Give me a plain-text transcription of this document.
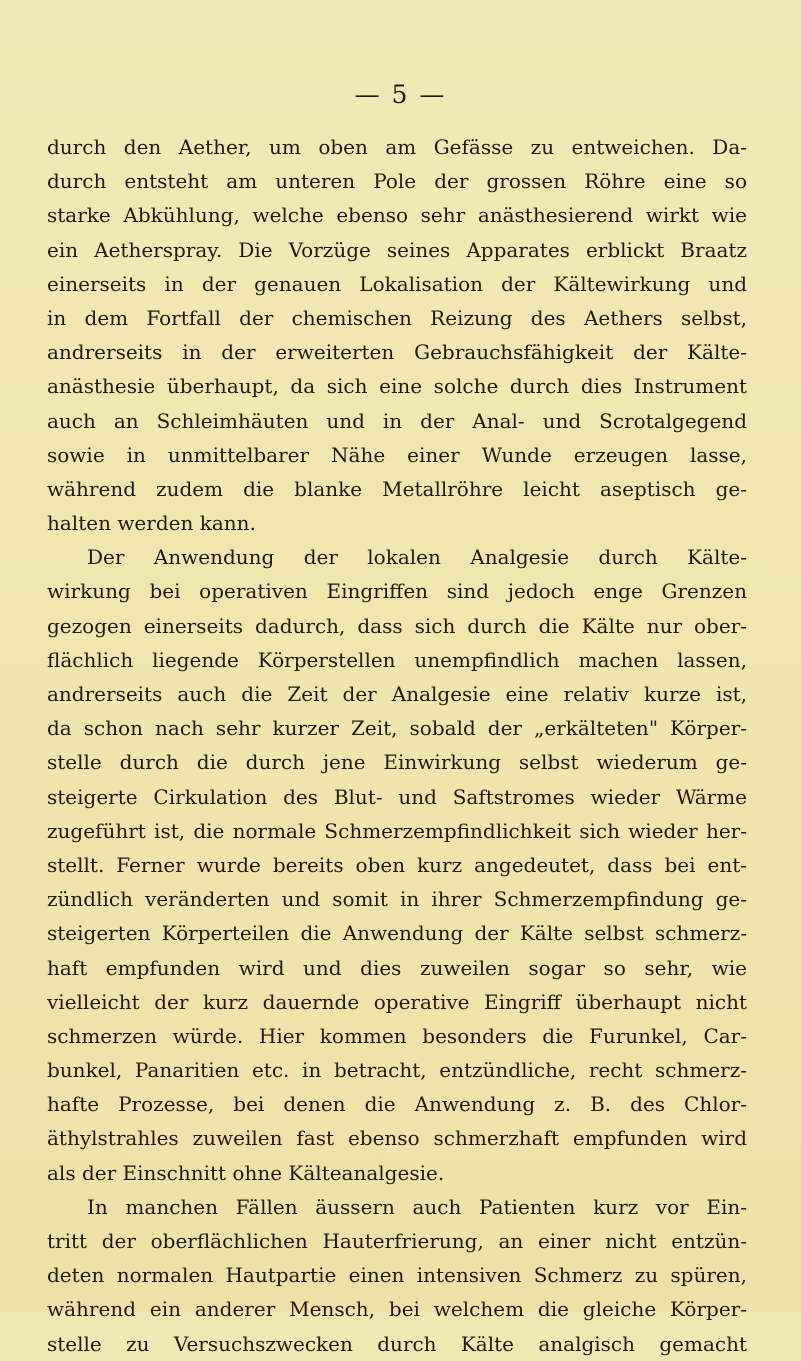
— 5 —
durch den Aether, um oben am Gefässe zu entweichen. Da-
durch entsteht am unteren Pole der grossen Röhre eine so
starke Abkühlung, welche ebenso sehr anästhesierend wirkt wie
ein Aetherspray. Die Vorzüge seines Apparates erblickt Braatz
einerseits in der genauen Lokalisation der Kältewirkung und
in dem Fortfall der chemischen Reizung des Aethers selbst,
andrerseits in der erweiterten Gebrauchsfähigkeit der Kälte-
anästhesie überhaupt, da sich eine solche durch dies Instrument
auch an Schleimhäuten und in der Anal- und Scrotalgegend
sowie in unmittelbarer Nähe einer Wunde erzeugen lasse,
während zudem die blanke Metallröhre leicht aseptisch ge-
halten werden kann.
Der Anwendung der lokalen Analgesie durch Kälte-
wirkung bei operativen Eingriffen sind jedoch enge Grenzen
gezogen einerseits dadurch, dass sich durch die Kälte nur ober-
flächlich liegende Körperstellen unempfindlich machen lassen,
andrerseits auch die Zeit der Analgesie eine relativ kurze ist,
da schon nach sehr kurzer Zeit, sobald der „erkälteten" Körper-
stelle durch die durch jene Einwirkung selbst wiederum ge-
steigerte Cirkulation des Blut- und Saftstromes wieder Wärme
zugeführt ist, die normale Schmerzempfindlichkeit sich wieder her-
stellt. Ferner wurde bereits oben kurz angedeutet, dass bei ent-
zündlich veränderten und somit in ihrer Schmerzempfindung ge-
steigerten Körperteilen die Anwendung der Kälte selbst schmerz-
haft empfunden wird und dies zuweilen sogar so sehr, wie
vielleicht der kurz dauernde operative Eingriff überhaupt nicht
schmerzen würde. Hier kommen besonders die Furunkel, Car-
bunkel, Panaritien etc. in betracht, entzündliche, recht schmerz-
hafte Prozesse, bei denen die Anwendung z. B. des Chlor-
äthylstrahles zuweilen fast ebenso schmerzhaft empfunden wird
als der Einschnitt ohne Kälteanalgesie.
In manchen Fällen äussern auch Patienten kurz vor Ein-
tritt der oberflächlichen Hauterfrierung, an einer nicht entzün-
deten normalen Hautpartie einen intensiven Schmerz zu spüren,
während ein anderer Mensch, bei welchem die gleiche Körper-
stelle zu Versuchszwecken durch Kälte analgisch gemacht
